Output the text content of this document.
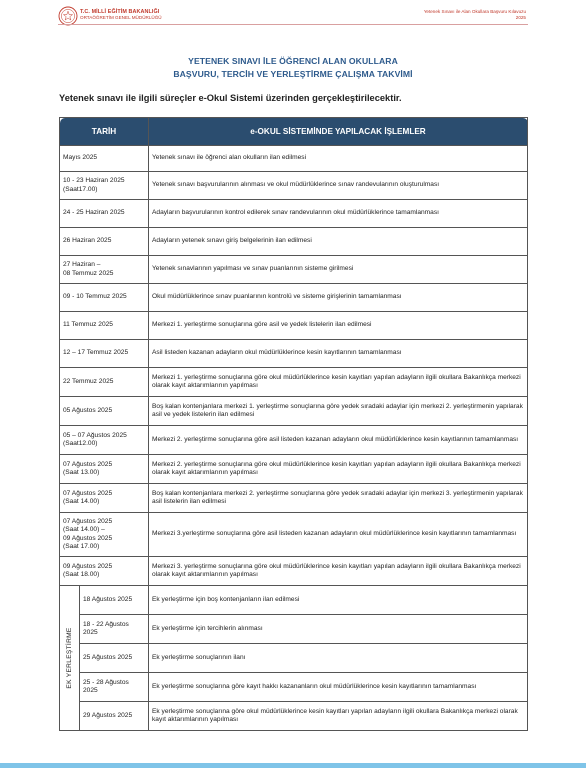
T.C. MİLLİ EĞİTİM BAKANLIĞI
ORTAÖĞRETİM GENEL MÜDÜRLÜĞÜ
Yetenek Sınavı ile Alan Okullara Başvuru Kılavuzu
2025
YETENEK SINAVI İLE ÖĞRENCİ ALAN OKULLARA
BAŞVURU, TERCİH VE YERLEŞTİRME ÇALIŞMA TAKVİMİ
Yetenek sınavı ile ilgili süreçler e-Okul Sistemi üzerinden gerçekleştirilecektir.
TARİH		e-OKUL SİSTEMİNDE YAPILACAK İŞLEMLER
Mayıs 2025		Yetenek sınavı ile öğrenci alan okulların ilan edilmesi
10 - 23 Haziran 2025
(Saat17.00)		Yetenek sınavı başvurularının alınması ve okul müdürlüklerince sınav randevularının oluşturulması
24 - 25 Haziran 2025		Adayların başvurularının kontrol edilerek sınav randevularının okul müdürlüklerince tamamlanması
26 Haziran 2025		Adayların yetenek sınavı giriş belgelerinin ilan edilmesi
27 Haziran –
08 Temmuz 2025		Yetenek sınavlarının yapılması ve sınav puanlarının sisteme girilmesi
09 - 10 Temmuz 2025		Okul müdürlüklerince sınav puanlarının kontrolü ve sisteme girişlerinin tamamlanması
11 Temmuz 2025		Merkezi 1. yerleştirme sonuçlarına göre asil ve yedek listelerin ilan edilmesi
12 – 17 Temmuz 2025		Asil listeden kazanan adayların okul müdürlüklerince kesin kayıtlarının tamamlanması
22 Temmuz 2025		Merkezi 1. yerleştirme sonuçlarına göre okul müdürlüklerince kesin kayıtları yapılan adayların ilgili okullara Bakanlıkça merkezi olarak kayıt aktarımlarının yapılması
05 Ağustos 2025		Boş kalan kontenjanlara merkezi 1. yerleştirme sonuçlarına göre yedek sıradaki adaylar için merkezi 2. yerleştirmenin yapılarak asil ve yedek listelerin ilan edilmesi
05 – 07 Ağustos 2025
(Saat12.00)		Merkezi 2. yerleştirme sonuçlarına göre asil listeden kazanan adayların okul müdürlüklerince kesin kayıtlarının tamamlanması
07 Ağustos 2025
(Saat 13.00)		Merkezi 2. yerleştirme sonuçlarına göre okul müdürlüklerince kesin kayıtları yapılan adayların ilgili okullara Bakanlıkça merkezi olarak kayıt aktarımlarının yapılması
07 Ağustos 2025
(Saat 14.00)		Boş kalan kontenjanlara merkezi 2. yerleştirme sonuçlarına göre yedek sıradaki adaylar için merkezi 3. yerleştirmenin yapılarak asil listelerin ilan edilmesi
07 Ağustos 2025
(Saat 14.00) –
09 Ağustos 2025
(Saat 17.00)		Merkezi 3.yerleştirme sonuçlarına göre asil listeden kazanan adayların okul müdürlüklerince kesin kayıtlarının tamamlanması
09 Ağustos 2025
(Saat 18.00)		Merkezi 3. yerleştirme sonuçlarına göre okul müdürlüklerince kesin kayıtları yapılan adayların ilgili okullara Bakanlıkça merkezi olarak kayıt aktarımlarının yapılması

EK YERLEŞTİRME	18 Ağustos 2025	Ek yerleştirme için boş kontenjanların ilan edilmesi
	18 - 22 Ağustos
2025	Ek yerleştirme için tercihlerin alınması
	25 Ağustos 2025	Ek yerleştirme sonuçlarının ilanı
	25 - 28 Ağustos
2025	Ek yerleştirme sonuçlarına göre kayıt hakkı kazananların okul müdürlüklerince kesin kayıtlarının tamamlanması
	29 Ağustos 2025	Ek yerleştirme sonuçlarına göre okul müdürlüklerince kesin kayıtları yapılan adayların ilgili okullara Bakanlıkça merkezi olarak kayıt aktarımlarının yapılması
